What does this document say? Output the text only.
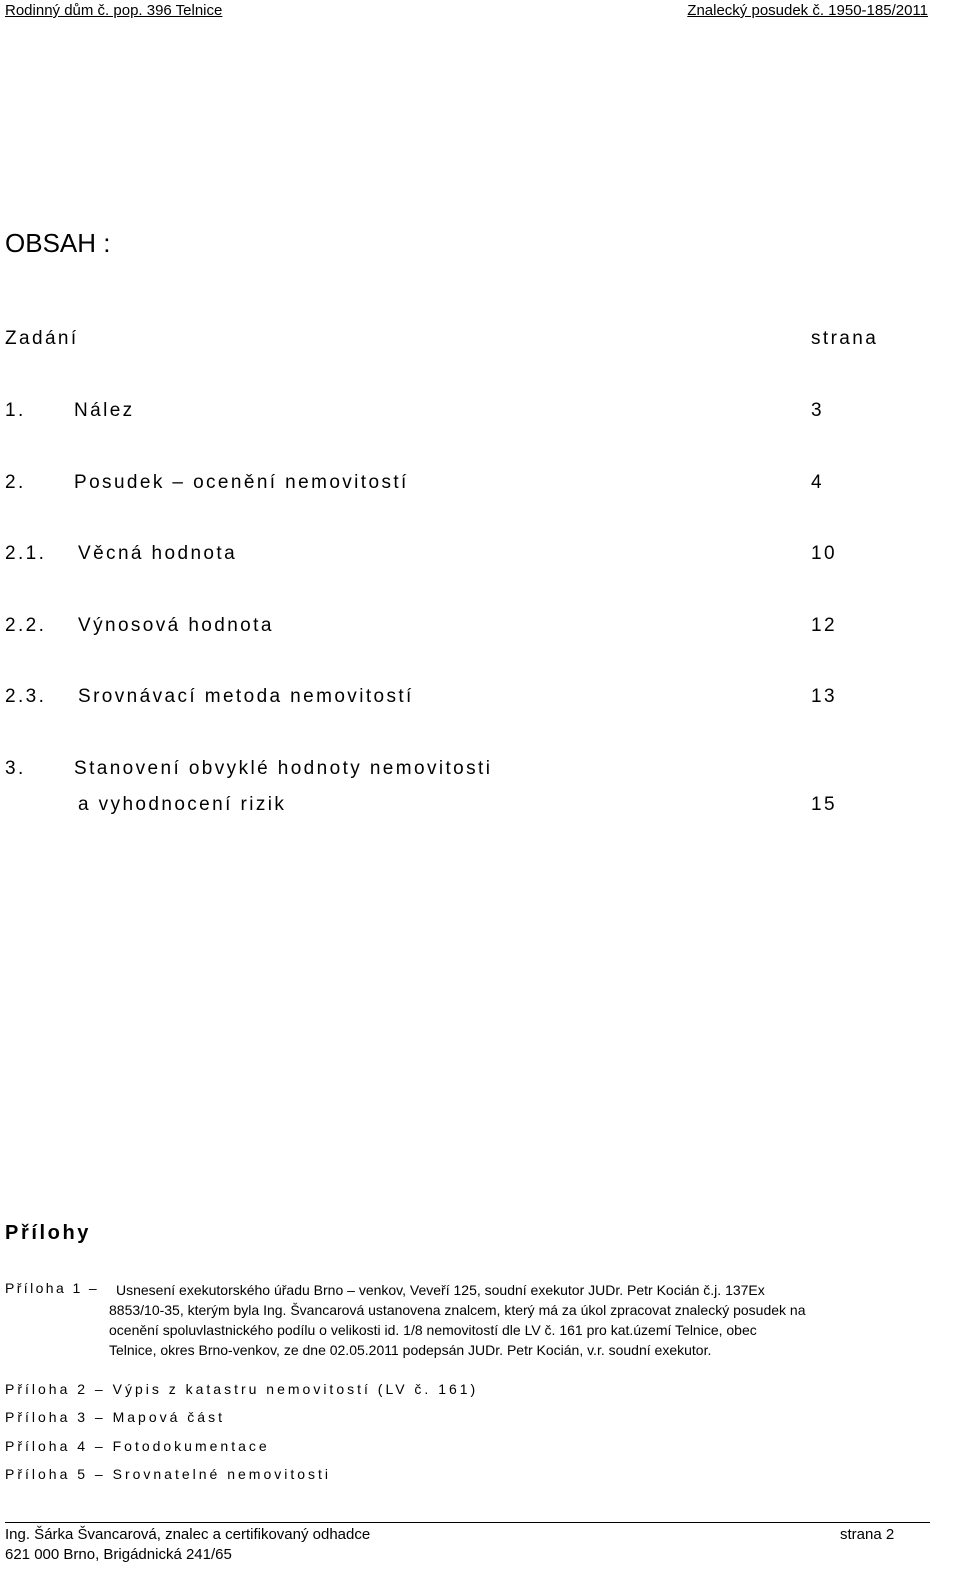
Rodinný dům č. pop. 396 Telnice	Znalecký posudek č. 1950-185/2011
OBSAH :
Zadání	strana
1.	Nález	3
2.	Posudek – ocenění nemovitostí	4
2.1. Věcná hodnota	10
2.2. Výnosová hodnota	12
2.3. Srovnávací metoda nemovitostí	13
3.	Stanovení obvyklé hodnoty nemovitosti
a vyhodnocení rizik	15
Přílohy
Příloha 1 –	Usnesení exekutorského úřadu Brno – venkov, Veveří 125, soudní exekutor JUDr. Petr Kocián č.j. 137Ex
8853/10-35, kterým byla Ing. Švancarová ustanovena znalcem, který má za úkol zpracovat znalecký posudek na
ocenění spoluvlastnického podílu o velikosti id. 1/8 nemovitostí dle LV č. 161 pro kat.území Telnice, obec
Telnice, okres Brno-venkov, ze dne 02.05.2011 podepsán JUDr. Petr Kocián, v.r. soudní exekutor.
Příloha 2 – Výpis z katastru nemovitostí (LV č. 161)
Příloha 3 – Mapová část
Příloha 4 – Fotodokumentace
Příloha 5 – Srovnatelné nemovitosti
Ing. Šárka Švancarová, znalec a certifikovaný odhadce	strana 2
621 000 Brno, Brigádnická 241/65
